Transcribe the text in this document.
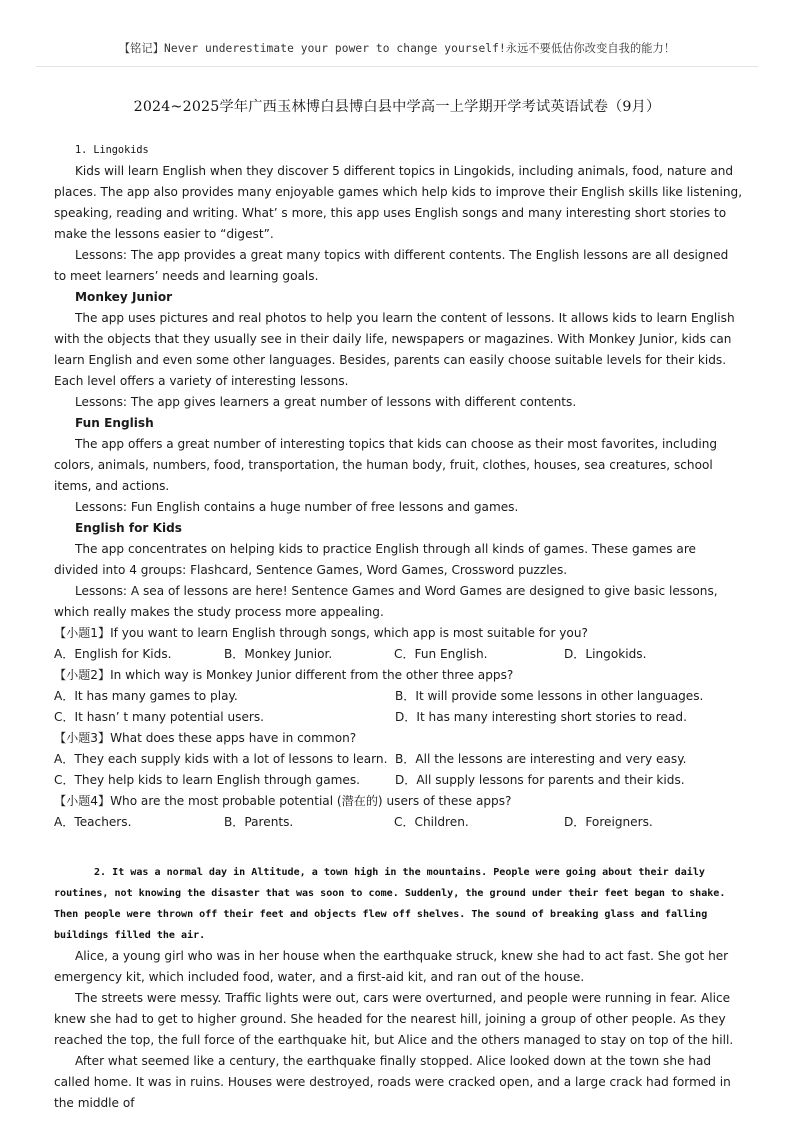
【铭记】Never underestimate your power to change yourself!永远不要低估你改变自我的能力！
2024~2025学年广西玉林博白县博白县中学高一上学期开学考试英语试卷（9月）
1. Lingokids

Kids will learn English when they discover 5 different topics in Lingokids, including animals, food, nature and places. The app also provides many enjoyable games which help kids to improve their English skills like listening, speaking, reading and writing. What’ s more, this app uses English songs and many interesting short stories to make the lessons easier to “digest”.

Lessons: The app provides a great many topics with different contents. The English lessons are all designed to meet learners’ needs and learning goals.

Monkey Junior

The app uses pictures and real photos to help you learn the content of lessons. It allows kids to learn English with the objects that they usually see in their daily life, newspapers or magazines. With Monkey Junior, kids can learn English and even some other languages. Besides, parents can easily choose suitable levels for their kids. Each level offers a variety of interesting lessons.

Lessons: The app gives learners a great number of lessons with different contents.

Fun English

The app offers a great number of interesting topics that kids can choose as their most favorites, including colors, animals, numbers, food, transportation, the human body, fruit, clothes, houses, sea creatures, school items, and actions.

Lessons: Fun English contains a huge number of free lessons and games.

English for Kids

The app concentrates on helping kids to practice English through all kinds of games. These games are divided into 4 groups: Flashcard, Sentence Games, Word Games, Crossword puzzles.

Lessons: A sea of lessons are here! Sentence Games and Word Games are designed to give basic lessons, which really makes the study process more appealing.

【小题1】If you want to learn English through songs, which app is most suitable for you?

A．English for Kids.	B．Monkey Junior.	C．Fun English.	D．Lingokids.

【小题2】In which way is Monkey Junior different from the other three apps?

A．It has many games to play.	B．It will provide some lessons in other languages.
C．It hasn’ t many potential users.	D．It has many interesting short stories to read.

【小题3】What does these apps have in common?

A．They each supply kids with a lot of lessons to learn. B．All the lessons are interesting and very easy.
C．They help kids to learn English through games.	D．All supply lessons for parents and their kids.

【小题4】Who are the most probable potential (潜在的) users of these apps?

A．Teachers.	B．Parents.	C．Children.	D．Foreigners.

2. It was a normal day in Altitude, a town high in the mountains. People were going about their daily routines, not knowing the disaster that was soon to come. Suddenly, the ground under their feet began to shake. Then people were thrown off their feet and objects flew off shelves. The sound of breaking glass and falling buildings filled the air.

Alice, a young girl who was in her house when the earthquake struck, knew she had to act fast. She got her emergency kit, which included food, water, and a first-aid kit, and ran out of the house.

The streets were messy. Traffic lights were out, cars were overturned, and people were running in fear. Alice knew she had to get to higher ground. She headed for the nearest hill, joining a group of other people. As they reached the top, the full force of the earthquake hit, but Alice and the others managed to stay on top of the hill.

After what seemed like a century, the earthquake finally stopped. Alice looked down at the town she had called home. It was in ruins. Houses were destroyed, roads were cracked open, and a large crack had formed in the middle of
